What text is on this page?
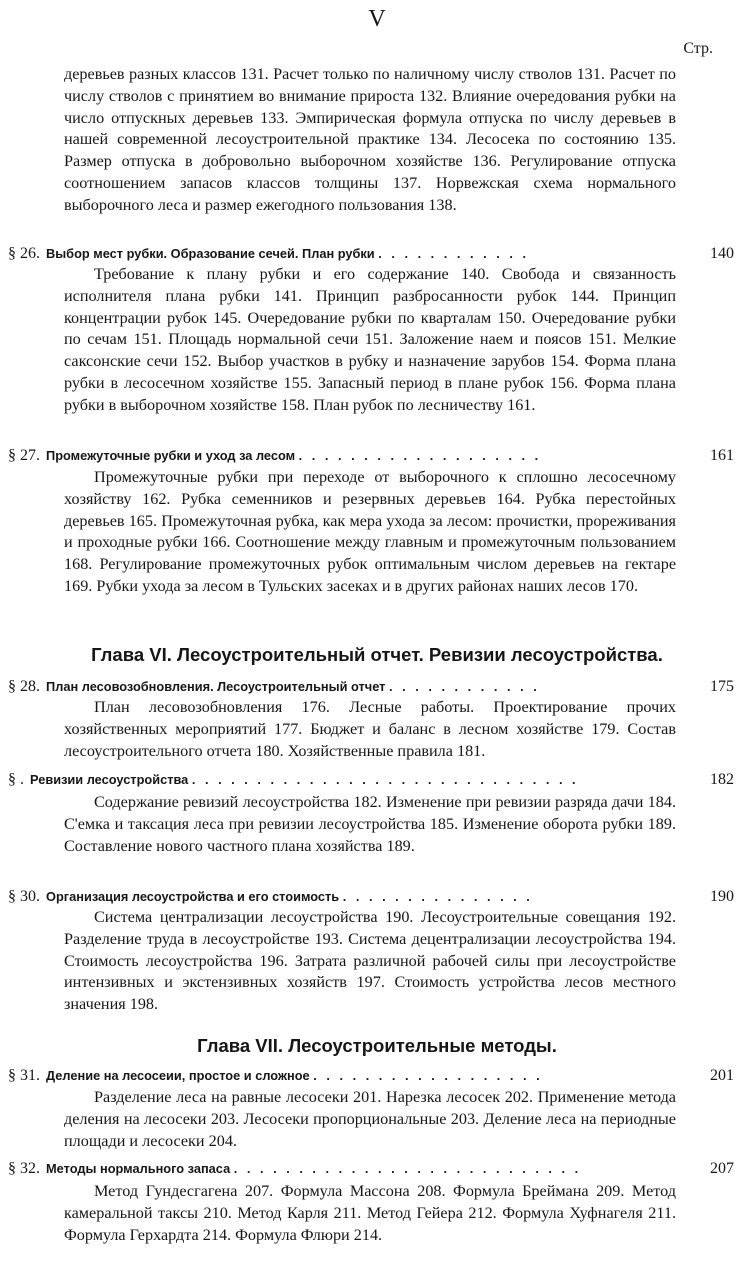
V
Стр.
деревьев разных классов 131. Расчет только по наличному числу стволов 131. Расчет по числу стволов с принятием во внимание прироста 132. Влияние очередования рубки на число отпускных деревьев 133. Эмпирическая формула отпуска по числу деревьев в нашей современной лесоустроительной практике 134. Лесосека по состоянию 135. Размер отпуска в добровольно выборочном хозяйстве 136. Регулирование отпуска соотношением запасов классов толщины 137. Норвежская схема нормального выборочного леса и размер ежегодного пользования 138.
§ 26. Выбор мест рубки. Образование сечей. План рубки . . . . . . . . . . . .	140
Требование к плану рубки и его содержание 140. Свобода и связанность исполнителя плана рубки 141. Принцип разбросанности рубок 144. Принцип концентрации рубок 145. Очередование рубки по кварталам 150. Очередование рубки по сечам 151. Площадь нормальной сечи 151. Заложение наем и поясов 151. Мелкие саксонские сечи 152. Выбор участков в рубку и назначение зарубов 154. Форма плана рубки в лесосечном хозяйстве 155. Запасный период в плане рубок 156. Форма плана рубки в выборочном хозяйстве 158. План рубок по лесничеству 161.
§ 27. Промежуточные рубки и уход за лесом . . . . . . . . . . . . . . . . . . .	161
Промежуточные рубки при переходе от выборочного к сплошно лесосечному хозяйству 162. Рубка семенников и резервных деревьев 164. Рубка перестойных деревьев 165. Промежуточная рубка, как мера ухода за лесом: прочистки, прореживания и проходные рубки 166. Соотношение между главным и промежуточным пользованием 168. Регулирование промежуточных рубок оптимальным числом деревьев на гектаре 169. Рубки ухода за лесом в Тульских засеках и в других районах наших лесов 170.
Глава VI. Лесоустроительный отчет. Ревизии лесоустройства.
§ 28. План лесовозобновления. Лесоустроительный отчет . . . . . . . . . . . .	175
План лесовозобновления 176. Лесные работы. Проектирование прочих хозяйственных мероприятий 177. Бюджет и баланс в лесном хозяйстве 179. Состав лесоустроительного отчета 180. Хозяйственные правила 181.
§ . Ревизии лесоустройства . . . . . . . . . . . . . . . . . . . . . . . . . . . . . .	182
Содержание ревизий лесоустройства 182. Изменение при ревизии разряда дачи 184. С'емка и таксация леса при ревизии лесоустройства 185. Изменение оборота рубки 189. Составление нового частного плана хозяйства 189.
§ 30. Организация лесоустройства и его стоимость . . . . . . . . . . . . . . .	190
Система централизации лесоустройства 190. Лесоустроительные совещания 192. Разделение труда в лесоустройстве 193. Система децентрализации лесоустройства 194. Стоимость лесоустройства 196. Затрата различной рабочей силы при лесоустройстве интензивных и экстензивных хозяйств 197. Стоимость устройства лесов местного значения 198.
Глава VII. Лесоустроительные методы.
§ 31. Деление на лесосеии, простое и сложное . . . . . . . . . . . . . . . . . .	201
Разделение леса на равные лесосеки 201. Нарезка лесосек 202. Применение метода деления на лесосеки 203. Лесосеки пропорциональные 203. Деление леса на периодные площади и лесосеки 204.
§ 32. Методы нормального запаса . . . . . . . . . . . . . . . . . . . . . . . . . . .	207
Метод Гундесгагена 207. Формула Массона 208. Формула Бреймана 209. Метод камеральной таксы 210. Метод Карля 211. Метод Гейера 212. Формула Хуфнагеля 211. Формула Герхардта 214. Формула Флюри 214.
